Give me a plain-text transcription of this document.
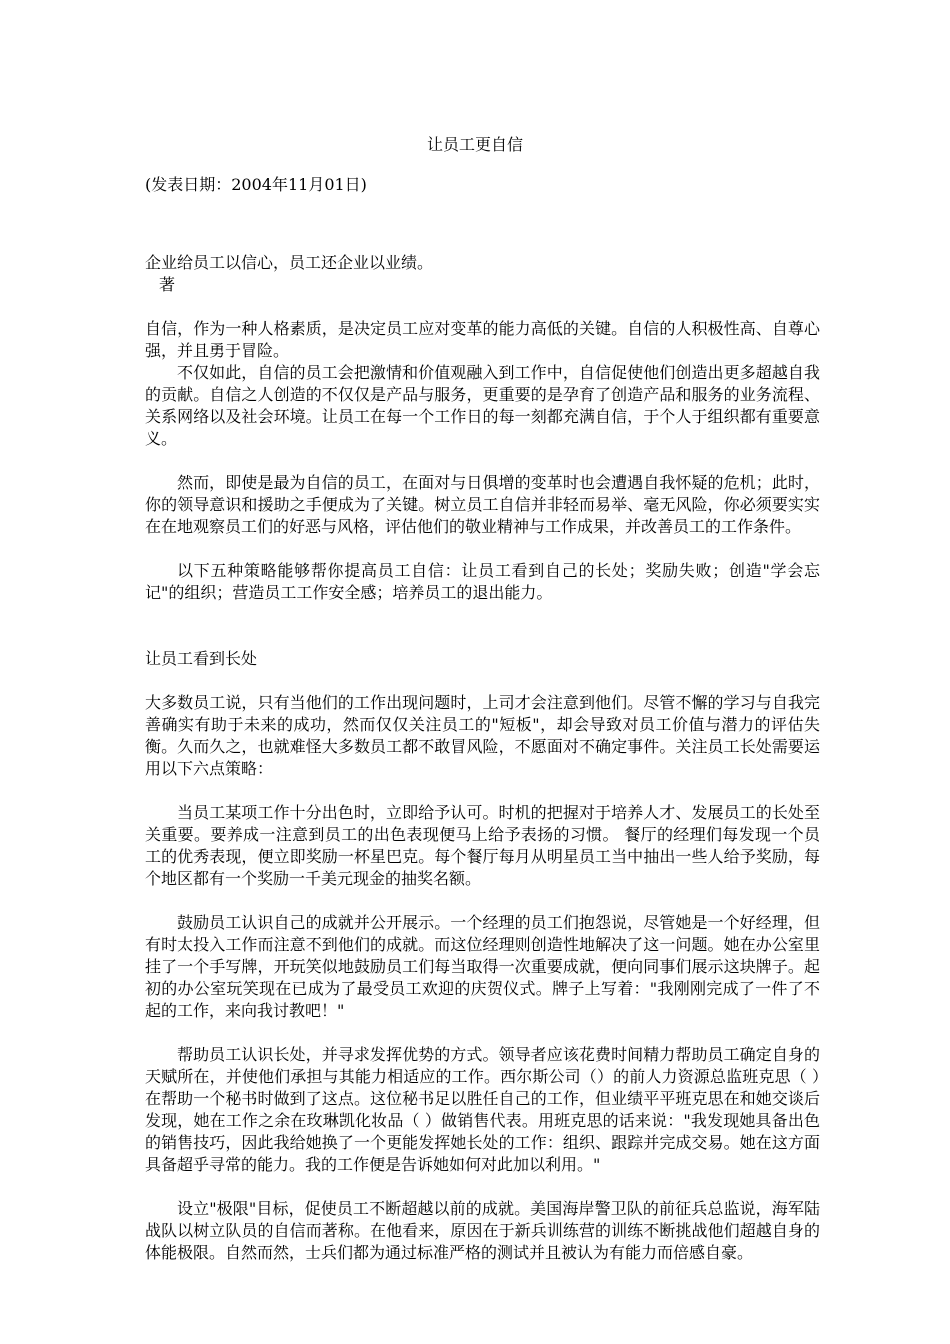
让员工更自信
(发表日期：2004年11月01日)

企业给员工以信心，员工还企业以业绩。

著

自信，作为一种人格素质，是决定员工应对变革的能力高低的关键。自信的人积极性高、自尊心强，并且勇于冒险。

不仅如此，自信的员工会把激情和价值观融入到工作中，自信促使他们创造出更多超越自我的贡献。自信之人创造的不仅仅是产品与服务，更重要的是孕育了创造产品和服务的业务流程、关系网络以及社会环境。让员工在每一个工作日的每一刻都充满自信，于个人于组织都有重要意义。

然而，即使是最为自信的员工，在面对与日俱增的变革时也会遭遇自我怀疑的危机；此时，你的领导意识和援助之手便成为了关键。树立员工自信并非轻而易举、毫无风险，你必须要实实在在地观察员工们的好恶与风格，评估他们的敬业精神与工作成果，并改善员工的工作条件。

以下五种策略能够帮你提高员工自信：让员工看到自己的长处；奖励失败；创造"学会忘记"的组织；营造员工工作安全感；培养员工的退出能力。

让员工看到长处

大多数员工说，只有当他们的工作出现问题时，上司才会注意到他们。尽管不懈的学习与自我完善确实有助于未来的成功，然而仅仅关注员工的"短板"，却会导致对员工价值与潜力的评估失衡。久而久之，也就难怪大多数员工都不敢冒风险，不愿面对不确定事件。关注员工长处需要运用以下六点策略：

当员工某项工作十分出色时，立即给予认可。时机的把握对于培养人才、发展员工的长处至关重要。要养成一注意到员工的出色表现便马上给予表扬的习惯。 餐厅的经理们每发现一个员工的优秀表现，便立即奖励一杯星巴克。每个餐厅每月从明星员工当中抽出一些人给予奖励，每个地区都有一个奖励一千美元现金的抽奖名额。

鼓励员工认识自己的成就并公开展示。一个经理的员工们抱怨说，尽管她是一个好经理，但有时太投入工作而注意不到他们的成就。而这位经理则创造性地解决了这一问题。她在办公室里挂了一个手写牌，开玩笑似地鼓励员工们每当取得一次重要成就，便向同事们展示这块牌子。起初的办公室玩笑现在已成为了最受员工欢迎的庆贺仪式。牌子上写着："我刚刚完成了一件了不起的工作，来向我讨教吧！"

帮助员工认识长处，并寻求发挥优势的方式。领导者应该花费时间精力帮助员工确定自身的天赋所在，并使他们承担与其能力相适应的工作。西尔斯公司（）的前人力资源总监班克思（ ）在帮助一个秘书时做到了这点。这位秘书足以胜任自己的工作，但业绩平平班克思在和她交谈后发现，她在工作之余在玫琳凯化妆品（ ）做销售代表。用班克思的话来说："我发现她具备出色的销售技巧，因此我给她换了一个更能发挥她长处的工作：组织、跟踪并完成交易。她在这方面具备超乎寻常的能力。我的工作便是告诉她如何对此加以利用。"

设立"极限"目标，促使员工不断超越以前的成就。美国海岸警卫队的前征兵总监说，海军陆战队以树立队员的自信而著称。在他看来，原因在于新兵训练营的训练不断挑战他们超越自身的体能极限。自然而然，士兵们都为通过标准严格的测试并且被认为有能力而倍感自豪。
